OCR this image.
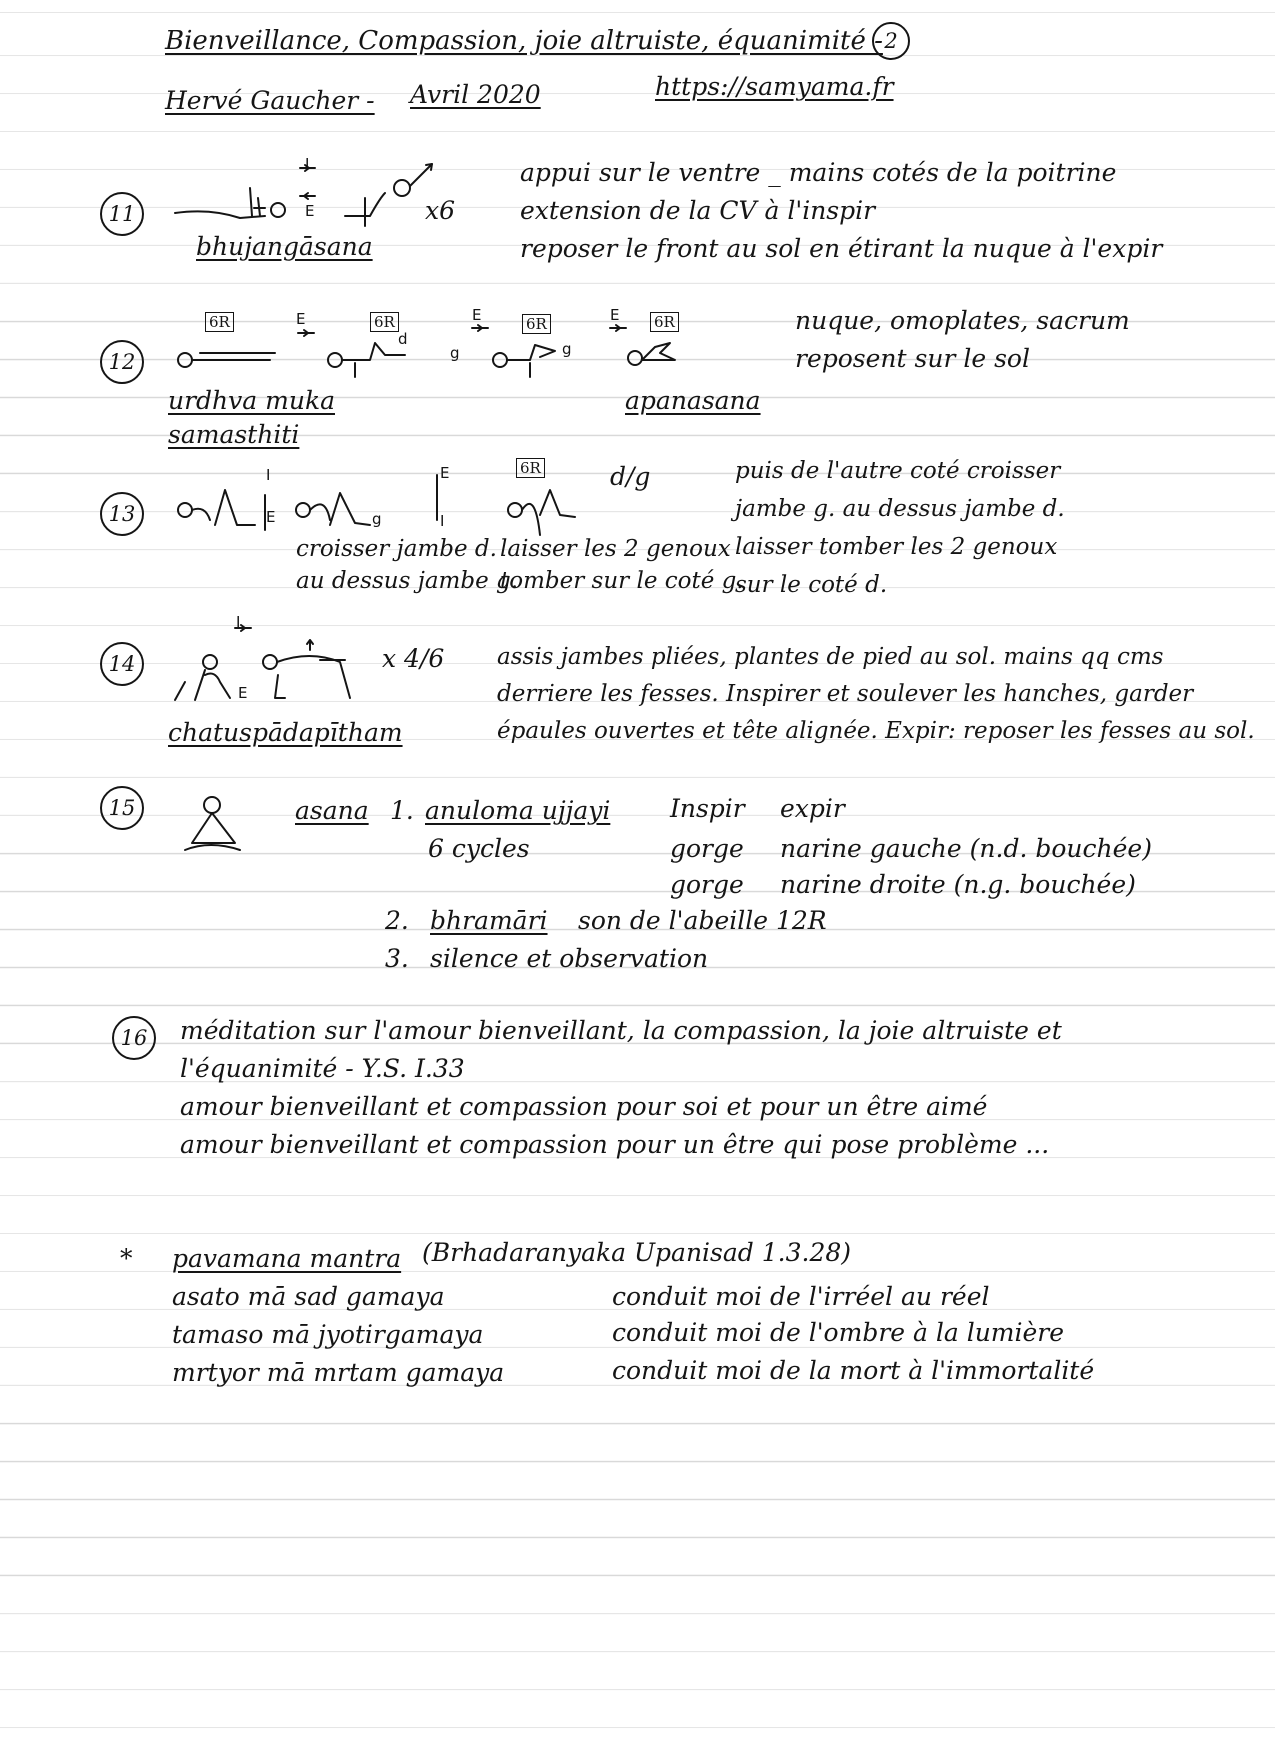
Bienveillance, Compassion, joie altruiste, équanimité - 2
Hervé Gaucher - Avril 2020	https://samyama.fr
11
I
E	x6
bhujangāsana
appui sur le ventre _ mains cotés de la poitrine
extension de la CV à l'inspir
reposer le front au sol en étirant la nuque à l'expir
12
6R	6R	6R	6R
E	E	E
d
g	g
urdhva muka
samasthiti
apanasana
nuque, omoplates, sacrum
reposent sur le sol
13
6R	d/g
I
E
E
I
g
croisser jambe d.
au dessus jambe g.
laisser les 2 genoux
tomber sur le coté g.
puis de l'autre coté croisser
jambe g. au dessus jambe d.
laisser tomber les 2 genoux
sur le coté d.
14
I
E
x 4/6
chatuspādapītham
assis jambes pliées, plantes de pied au sol. mains qq cms
derriere les fesses. Inspirer et soulever les hanches, garder
épaules ouvertes et tête alignée. Expir: reposer les fesses au sol.
15	asana 1. anuloma ujjayi
6 cycles
Inspir expir
gorge narine gauche (n.d. bouchée)
gorge narine droite (n.g. bouchée)
2. bhramāri son de l'abeille 12R
3. silence et observation
16	méditation sur l'amour bienveillant, la compassion, la joie altruiste et
l'équanimité - Y.S. I.33
amour bienveillant et compassion pour soi et pour un être aimé
amour bienveillant et compassion pour un être qui pose problème ...
* pavamana mantra (Brhadaranyaka Upanisad 1.3.28)
asato mā sad gamaya	conduit moi de l'irréel au réel
tamaso mā jyotirgamaya	conduit moi de l'ombre à la lumière
mrtyor mā mrtam gamaya	conduit moi de la mort à l'immortalité
